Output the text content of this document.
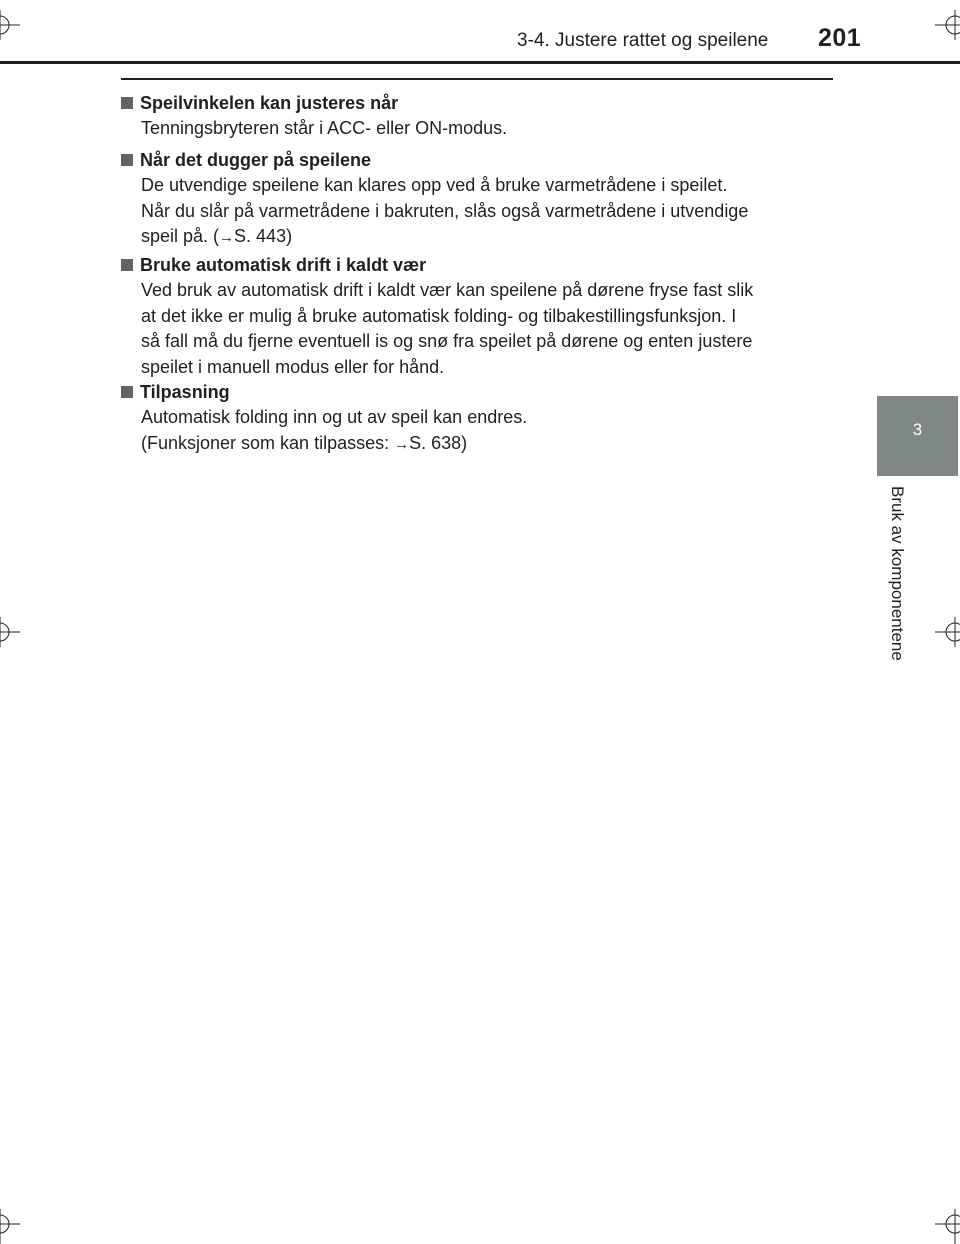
3-4. Justere rattet og speilene 201
3
Bruk av komponentene
Speilvinkelen kan justeres når

Tenningsbryteren står i ACC- eller ON-modus.

Når det dugger på speilene

De utvendige speilene kan klares opp ved å bruke varmetrådene i speilet.
Når du slår på varmetrådene i bakruten, slås også varmetrådene i utvendige
speil på. (→S. 443)

Bruke automatisk drift i kaldt vær

Ved bruk av automatisk drift i kaldt vær kan speilene på dørene fryse fast slik
at det ikke er mulig å bruke automatisk folding- og tilbakestillingsfunksjon. I
så fall må du fjerne eventuell is og snø fra speilet på dørene og enten justere
speilet i manuell modus eller for hånd.

Tilpasning

Automatisk folding inn og ut av speil kan endres.
(Funksjoner som kan tilpasses: →S. 638)
